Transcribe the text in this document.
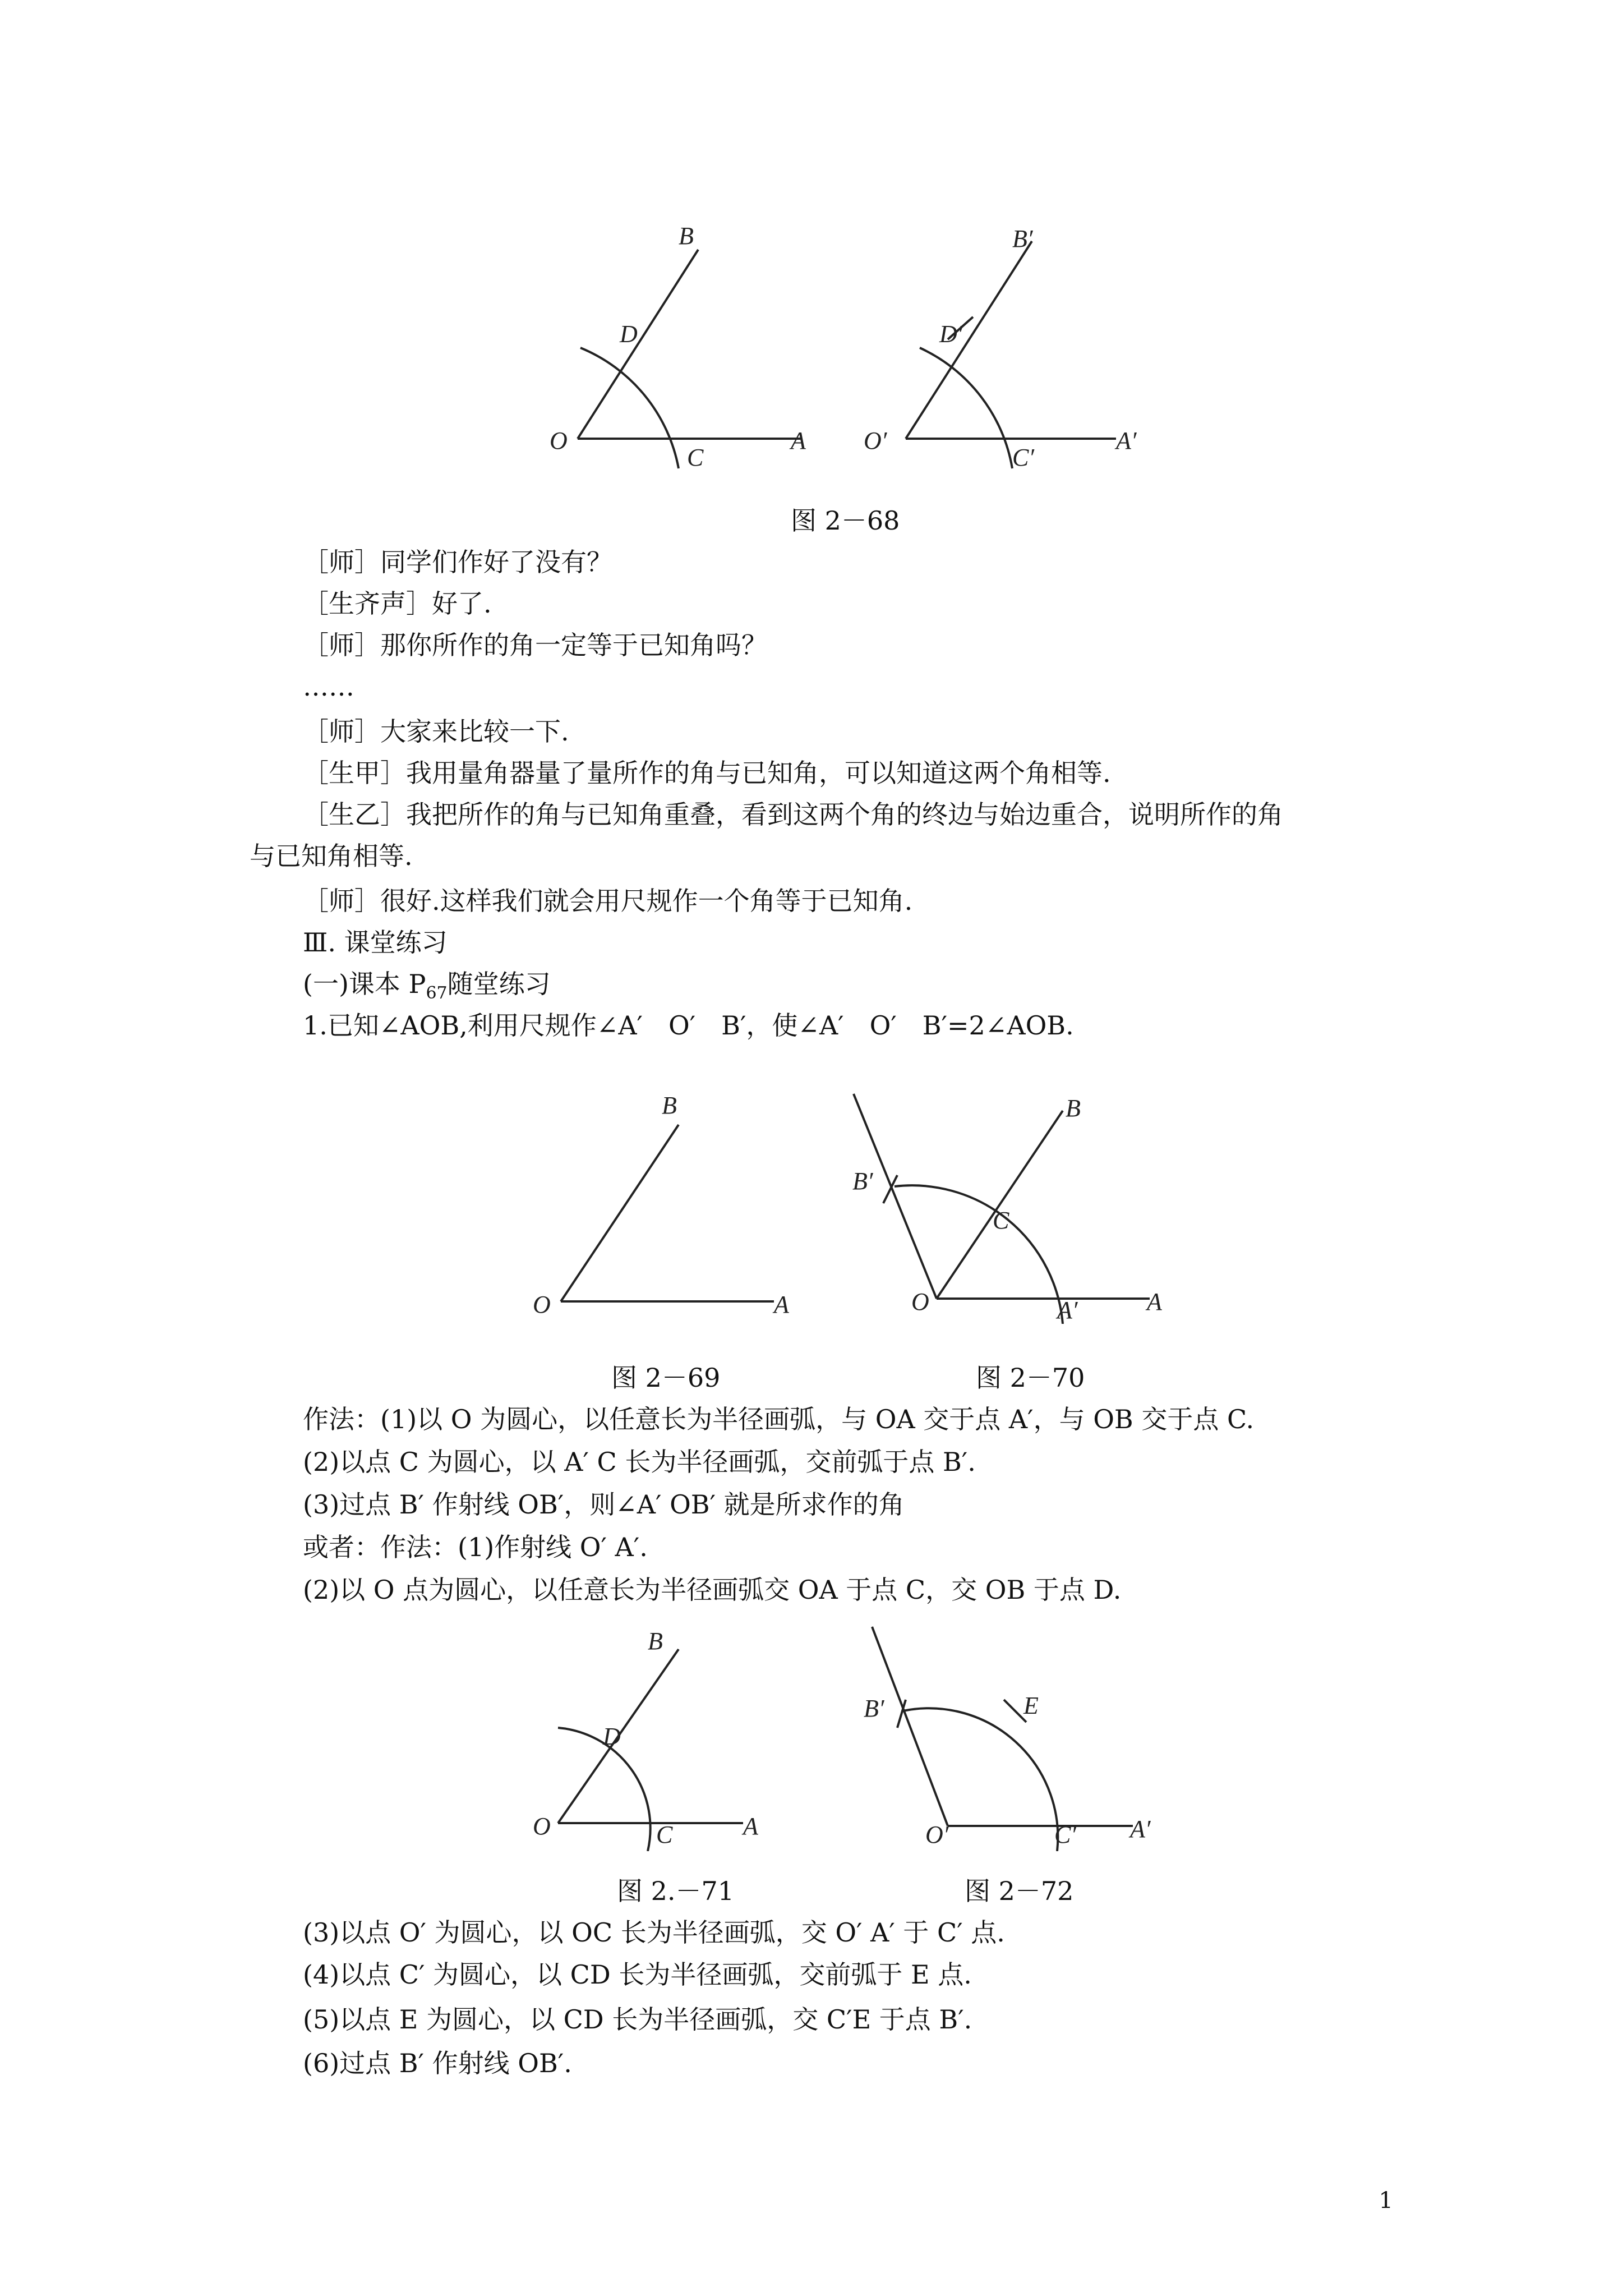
B
D
O
C
A
B′
D′
O′
C′
A′
图 2－68
［师］同学们作好了没有？
［生齐声］好了.
［师］那你所作的角一定等于已知角吗？
……
［师］大家来比较一下.
［生甲］我用量角器量了量所作的角与已知角，可以知道这两个角相等.
［生乙］我把所作的角与已知角重叠，看到这两个角的终边与始边重合，说明所作的角
与已知角相等.
［师］很好.这样我们就会用尺规作一个角等于已知角.
Ⅲ. 课堂练习
(一)课本 $P_{67}$随堂练习
1.已知∠AOB,利用尺规作∠A′　O′　B′，使∠A′　O′　B′=2∠AOB.
B
O	A
B
B′
C
O	A′	A
图 2－69	图 2－70
作法：(1)以 O 为圆心，以任意长为半径画弧，与 OA 交于点 A′，与 OB 交于点 C.
(2)以点 C 为圆心，以 A′ C 长为半径画弧，交前弧于点 B′.
(3)过点 B′ 作射线 OB′，则∠A′ OB′ 就是所求作的角
或者：作法：(1)作射线 O′ A′.
(2)以 O 点为圆心，以任意长为半径画弧交 OA 于点 C，交 OB 于点 D.
B
D
O	C	A
B′	E
O′	C′ A′
图 2.－71	图 2－72
(3)以点 O′ 为圆心，以 OC 长为半径画弧，交 O′ A′ 于 C′ 点.
(4)以点 C′ 为圆心，以 CD 长为半径画弧，交前弧于 E 点.
(5)以点 E 为圆心，以 CD 长为半径画弧，交 C′E 于点 B′.
(6)过点 B′ 作射线 OB′.
1
